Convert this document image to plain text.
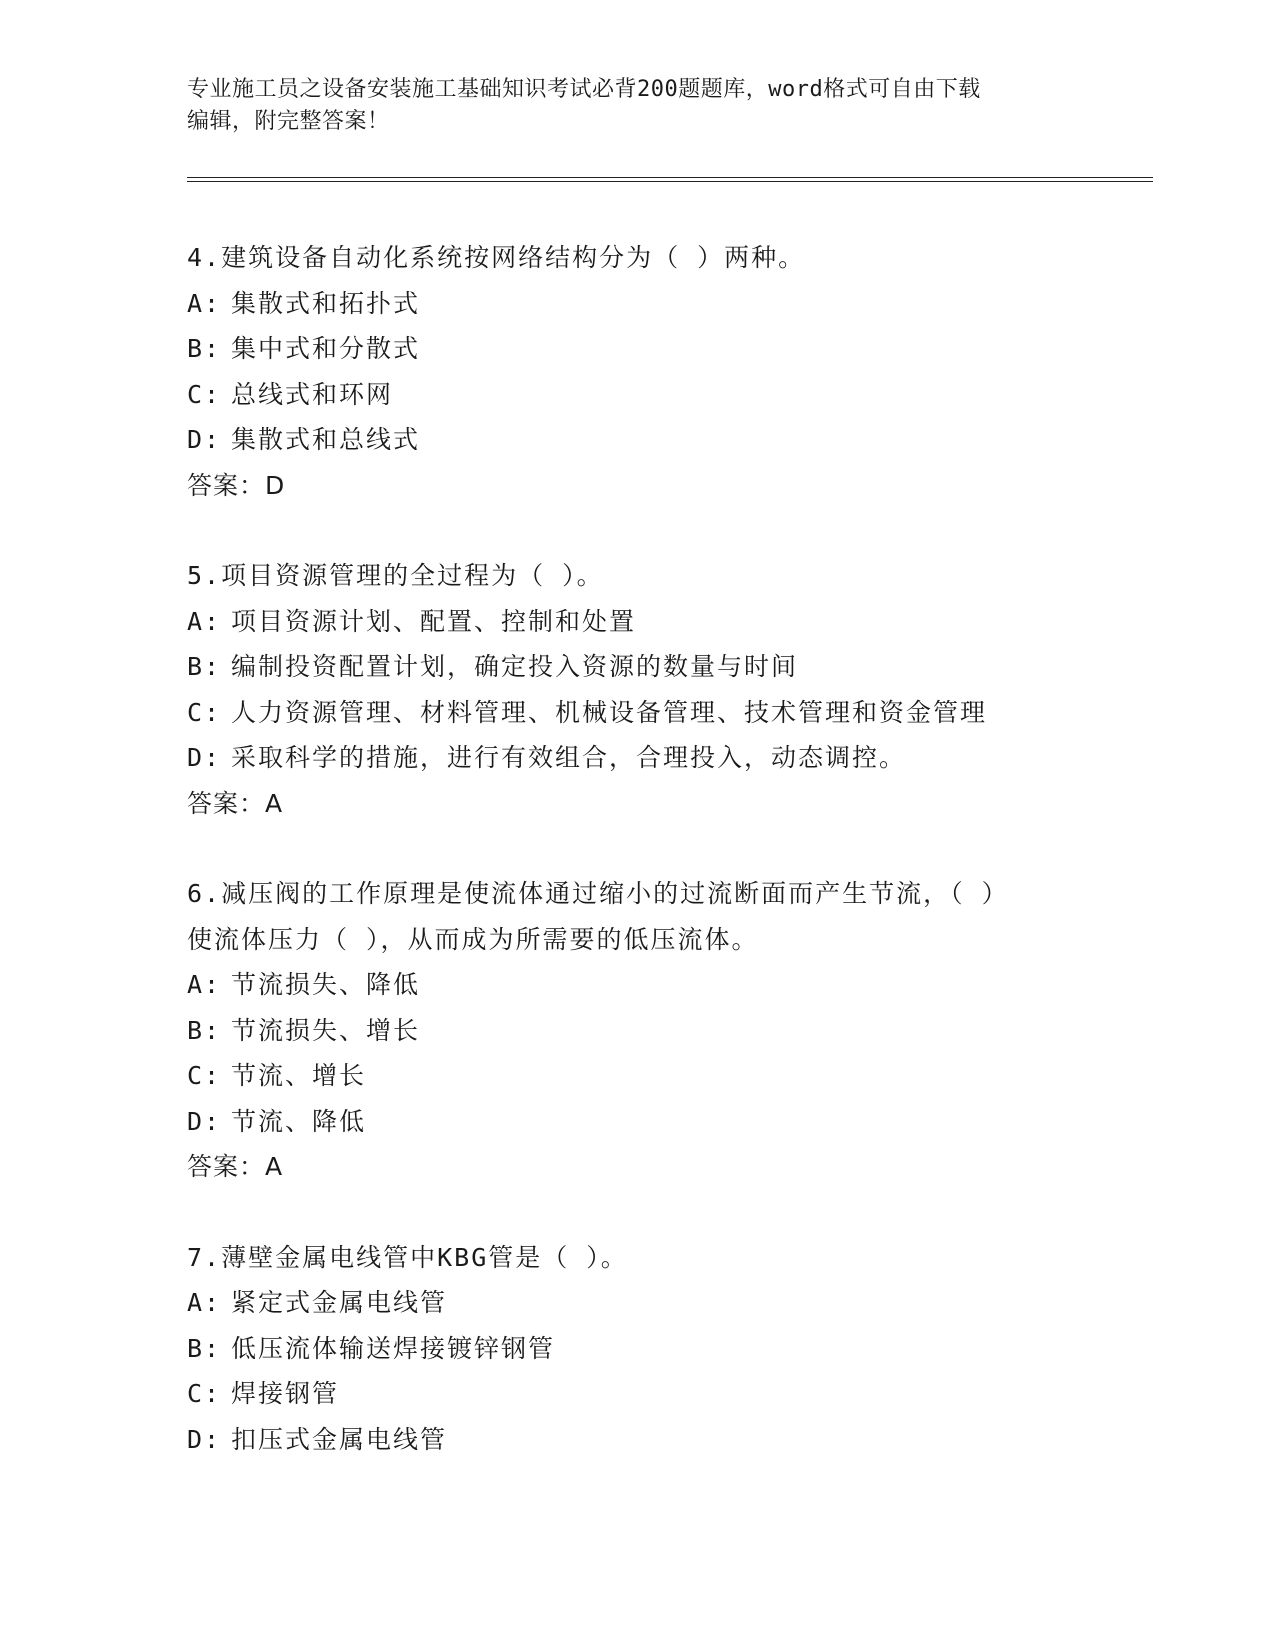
专业施工员之设备安装施工基础知识考试必背200题题库，word格式可自由下载
编辑，附完整答案！
4.建筑设备自动化系统按网络结构分为（ ）两种。
A: 集散式和拓扑式
B: 集中式和分散式
C: 总线式和环网
D: 集散式和总线式
答案：D
5.项目资源管理的全过程为（ ）。
A: 项目资源计划、配置、控制和处置
B: 编制投资配置计划，确定投入资源的数量与时间
C: 人力资源管理、材料管理、机械设备管理、技术管理和资金管理
D: 采取科学的措施，进行有效组合，合理投入，动态调控。
答案：A
6.减压阀的工作原理是使流体通过缩小的过流断面而产生节流，（ ）
使流体压力（ ），从而成为所需要的低压流体。
A: 节流损失、降低
B: 节流损失、增长
C: 节流、增长
D: 节流、降低
答案：A
7.薄壁金属电线管中KBG管是（ ）。
A: 紧定式金属电线管
B: 低压流体输送焊接镀锌钢管
C: 焊接钢管
D: 扣压式金属电线管
